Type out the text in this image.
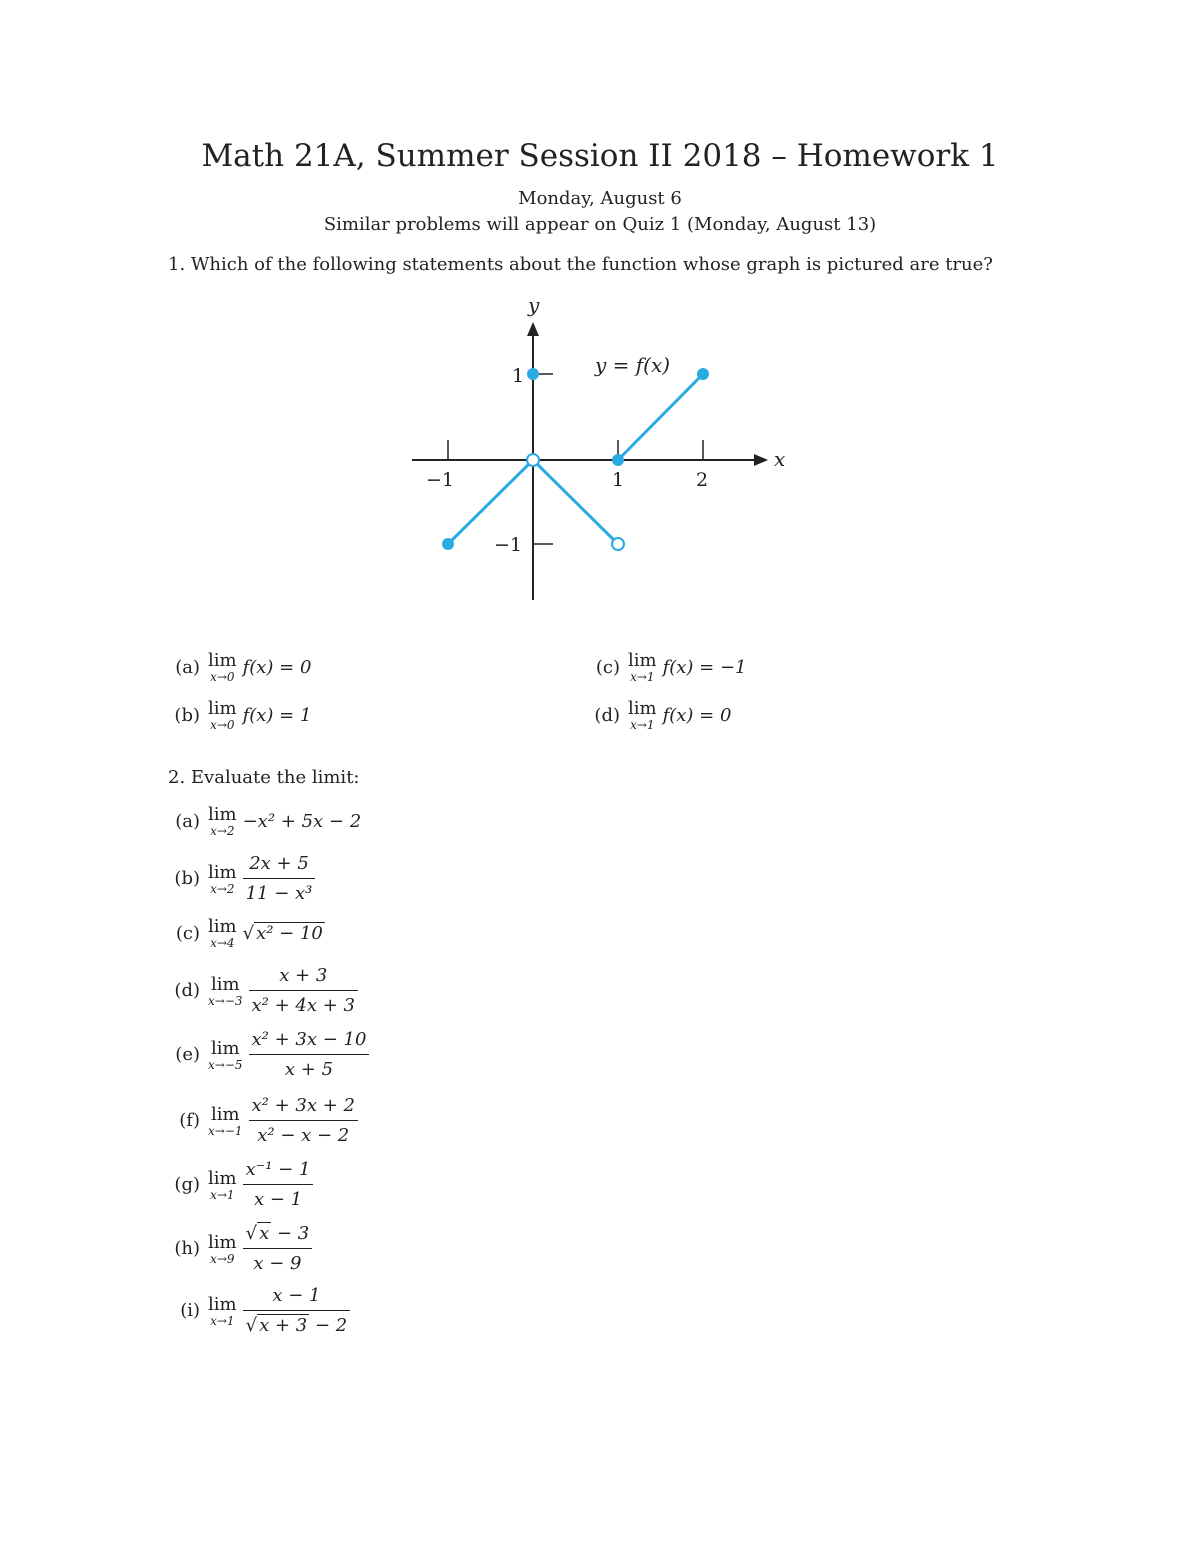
Math 21A, Summer Session II 2018 – Homework 1
Monday, August 6
Similar problems will appear on Quiz 1 (Monday, August 13)
1. Which of the following statements about the function whose graph is pictured are true?
y
x
y = f(x)
−1	1	2
1
−1
(a) lim
x→0 f(x) = 0
(b) lim
x→0 f(x) = 1
(c) lim
x→1 f(x) = −1
(d) lim
x→1 f(x) = 0
2. Evaluate the limit:
(a) lim
x→2 −x² + 5x − 2
(b) lim
$x\to 2 \frac{2x + 5}{\text{11 − x³}}$
(c) lim
x→4 √ x² − 10
(d) lim
$x\to-3 \frac{x + 3}{\text{x² + 4x + 3}}$
(e) lim
$x\to-5 \frac{\text{x² + 3x − 10}}{x + 5}$
(f) lim
$x\to-1 \frac{\text{x² + 3x + 2}}{\text{x² − x − 2}}$
(g) lim
$x\to 1 \frac{\text{x⁻¹ − 1}}{x - 1}$
(h) lim
$x\to 9 \frac{√ x - 3}{x - 9}$
(i) lim
$x\to 1 \frac{x - 1}{√ x + 3 - 2}$
